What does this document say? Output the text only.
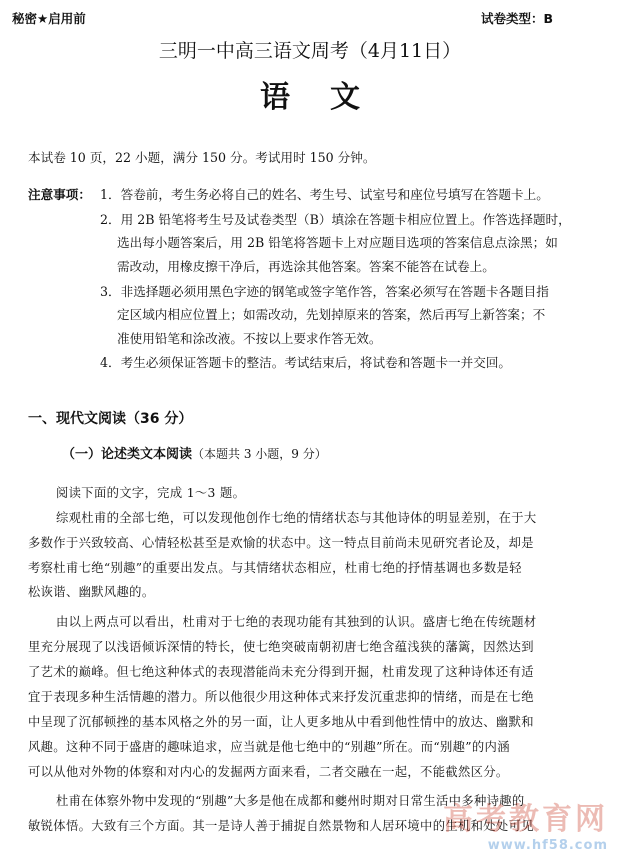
秘密★启用前	试卷类型：B
三明一中高三语文周考（4月11日）
语文
本试卷 10 页，22 小题，满分 150 分。考试用时 150 分钟。
注意事项： 1．答卷前，考生务必将自己的姓名、考生号、试室号和座位号填写在答题卡上。
2．用 2B 铅笔将考生号及试卷类型（B）填涂在答题卡相应位置上。作答选择题时，
选出每小题答案后，用 2B 铅笔将答题卡上对应题目选项的答案信息点涂黑；如
需改动，用橡皮擦干净后，再选涂其他答案。答案不能答在试卷上。
3．非选择题必须用黑色字迹的钢笔或签字笔作答，答案必须写在答题卡各题目指
定区域内相应位置上；如需改动，先划掉原来的答案，然后再写上新答案；不
准使用铅笔和涂改液。不按以上要求作答无效。
4．考生必须保证答题卡的整洁。考试结束后，将试卷和答题卡一并交回。
一、现代文阅读（36 分）
（一）论述类文本阅读（本题共 3 小题，9 分）
阅读下面的文字，完成 1～3 题。
综观杜甫的全部七绝，可以发现他创作七绝的情绪状态与其他诗体的明显差别，在于大
多数作于兴致较高、心情轻松甚至是欢愉的状态中。这一特点目前尚未见研究者论及，却是
考察杜甫七绝“别趣”的重要出发点。与其情绪状态相应，杜甫七绝的抒情基调也多数是轻
松诙谐、幽默风趣的。
由以上两点可以看出，杜甫对于七绝的表现功能有其独到的认识。盛唐七绝在传统题材
里充分展现了以浅语倾诉深情的特长，使七绝突破南朝初唐七绝含蕴浅狭的藩篱，因然达到
了艺术的巅峰。但七绝这种体式的表现潜能尚未充分得到开掘，杜甫发现了这种诗体还有适
宜于表现多种生活情趣的潜力。所以他很少用这种体式来抒发沉重悲抑的情绪，而是在七绝
中呈现了沉郁顿挫的基本风格之外的另一面，让人更多地从中看到他性情中的放达、幽默和
风趣。这种不同于盛唐的趣味追求，应当就是他七绝中的“别趣”所在。而“别趣”的内涵
可以从他对外物的体察和对内心的发掘两方面来看，二者交融在一起，不能截然区分。
杜甫在体察外物中发现的“别趣”大多是他在成都和夔州时期对日常生活中多种诗趣的
敏锐体悟。大致有三个方面。其一是诗人善于捕捉自然景物和人居环境中的生机和处处可见
高考教育网
www.hf58.com
